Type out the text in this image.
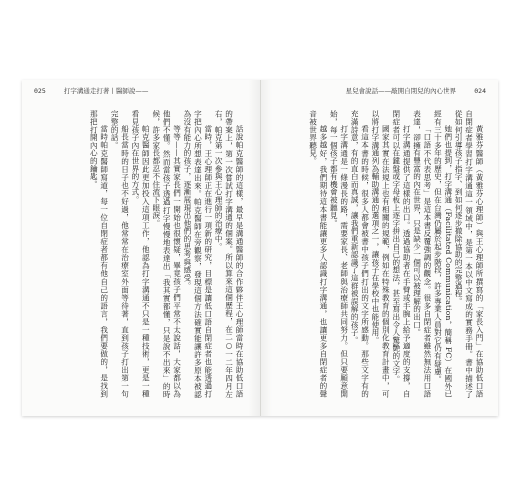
025	打字溝通走打著丨醫師說——	星兒會說話——敲開自閉兒的內心世界	024

話說帕克醫師的這樣，最早是溝通醫師的合作夥伴王心理師當時在協助低口語的帶案上，第一次嘗試打字溝通的個案。所以算來這個歷程，在二○一二年四月左右，帕克第一次參與王心理師的治療中。

當時，王心理師正在進行一項新的研究，目標是讓低口語自閉症者也能透過打字把內心所想表達出來。帕克醫師在旁觀察，發現這個方法確實能讓許多原本被認為沒有能力的孩子，逐漸展現出他們的思考與感受。

等等——其實家長們一開始也很懷疑，畢竟孩子們平常不太說話，大家都以為他們不懂。然而當孩子透過打字慢慢地表達出「我其實都懂，只是說不出來」的時候，許多家長都忍不住流下眼淚。

帕克醫師因此更加投入這項工作，他認為打字溝通不只是一種技術，更是一種看見孩子內在世界的方式。

船長當時的日子也不好過，他常常在治療室外面等待著，直到孩子打出第一句完整的話。

當時帕克醫師寫道，每一位自閉症者都有他自己的語言，我們要做的，是找到那把打開內心的鑰匙。	黃雅芬醫師（黃雅芬心理師）與王心理師所撰寫的「家長入門」在協助低口語自閉症者學習打字溝通這一領域中，是第一本以中文寫成的實務手冊。書中描述了從如何引導孩子指字、到如何逐步撤除協助的完整過程。

她們也提到，打字溝通（Facilitated Communication，簡稱 FC）在國外已經有三十多年的歷史，但在台灣仍屬於起步階段，許多專業人員對它仍有疑慮。

「口語不代表思考」是這本書反覆強調的觀念。很多自閉症者雖然無法用口語表達，卻擁有豐富的內在世界，只是缺少一個可以被理解的出口。

打字溝通提供了這樣的出口。透過協助者在手臂或手腕上給予適度的支撐，自閉症者可以在鍵盤或字母板上逐字拼出自己的想法，甚至寫出令人驚艷的文字。

國家其實在法規上也有相關的規範，例如在特殊教育的個別化教育計畫中，可以將打字溝通列為輔助溝通的選項之一，讓孩子在學校中也能使用。

看這本書的時候，很多人都會被書中孩子們打出的文字所感動。那些文字有的充滿詩意，有的直白而真誠，讓我們重新認識了這群被誤解的孩子。

打字溝通是一條漫長的路，需要家長、老師與治療師共同努力。但只要願意開始，每一個孩子都有機會被聽見。

越多越好，我們期待這本書能讓更多人認識打字溝通，也讓更多自閉症者的聲音被世界聽見。
